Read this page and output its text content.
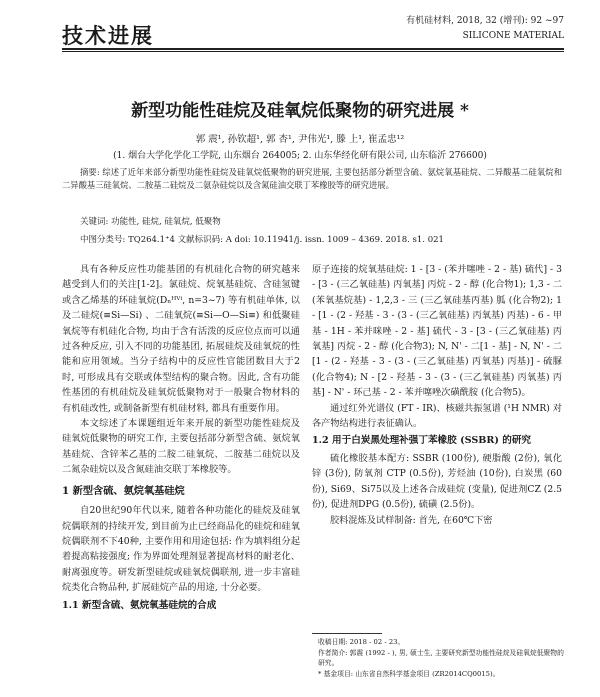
技术进展
有机硅材料, 2018, 32 (增刊): 92 ~97
SILICONE MATERIAL
新型功能性硅烷及硅氧烷低聚物的研究进展 *
郭 震¹, 孙钦超¹, 郭 杏¹, 尹伟光¹, 滕 上¹, 崔孟忠¹²
(1. 烟台大学化学化工学院, 山东烟台 264005; 2. 山东华经化研有限公司, 山东临沂 276600)
摘要: 综述了近年来部分新型功能性硅烷及硅氧烷低聚物的研究进展, 主要包括部分新型含硫、氨烷氧基硅烷、二异酸基二硅氧烷和二异酸基三硅氧烷、二胺基二硅烷及二氨杂硅烷以及含氮硅油交联丁苯橡胶等的研究进展。
关键词: 功能性, 硅烷, 硅氧烷, 低聚物
中图分类号: TQ264.1⁺4 文献标识码: A doi: 10.11941/j. issn. 1009 – 4369. 2018. s1. 021

具有各种反应性功能基团的有机硅化合物的研究越来越受到人们的关注[1-2]。氯硅烷、烷氧基硅烷、含硅氢键或含乙烯基的环硅氧烷(Dₙᴴⱽⁱ, n=3~7) 等有机硅单体, 以及二硅烷(≡Si—Si) 、二硅氧烷(≡Si—O—Si≡) 和低聚硅氧烷等有机硅化合物, 均由于含有活泼的反应位点而可以通过各种反应, 引入不同的功能基团, 拓展硅烷及硅氧烷的性能和应用领域。当分子结构中的反应性官能团数目大于2时, 可形成具有交联或体型结构的聚合物。因此, 含有功能性基团的有机硅烷及硅氧烷低聚物对于一般聚合物材料的有机硅改性, 或制备新型有机硅材料, 都具有重要作用。

本文综述了本课题组近年来开展的新型功能性硅烷及硅氧烷低聚物的研究工作, 主要包括部分新型含硫、氨烷氧基硅烷、含锌苯乙基的二胺二硅氧烷、二胺基二硅烷以及二氮杂硅烷以及含氮硅油交联丁苯橡胶等。

1 新型含硫、氨烷氧基硅烷

自20世纪90年代以来, 随着各种功能化的硅烷及硅氧烷偶联剂的持续开发, 到目前为止已经商品化的硅烷和硅氧烷偶联剂不下40种, 主要作用和用途包括: 作为填料组分起着提高粘接强度; 作为界面处理剂显著提高材料的耐老化、耐离强度等。研发新型硅烷或硅氧烷偶联剂, 进一步丰富硅烷类化合物品种, 扩展硅烷产品的用途, 十分必要。

1.1 新型含硫、氨烷氧基硅烷的合成

原子连接的烷氧基硅烷: 1 - [3 - (苯并噻唑 - 2 - 基) 硫代] - 3 - [3 - (三乙氧硅基) 丙氧基] 丙烷 - 2 - 醇 (化合物1); 1,3 - 二 (苯氧基烷基) - 1,2,3 - 三 (三乙氧硅基丙基) 胍 (化合物2); 1 - [1 - (2 - 羟基 - 3 - (3 - (三乙氧硅基) 丙氧基) 丙基) - 6 - 甲基 - 1H - 苯并咪唑 - 2 - 基] 硫代 - 3 - [3 - (三乙氧硅基) 丙氧基] 丙烷 - 2 - 醇 (化合物3); N, N' - 二[1 - 基] - N, N' - 二[1 - (2 - 羟基 - 3 - (3 - (三乙氧硅基) 丙氧基) 丙基)] - 硫脲 (化合物4); N - [2 - 羟基 - 3 - (3 - (三乙氧硅基) 丙氧基) 丙基] - N' - 环己基 - 2 - 苯并噻唑次磺酰胺 (化合物5)。

通过红外光谱仪 (FT - IR)、核磁共振氢谱 (¹H NMR) 对各产物结构进行表征确认。

1.2 用于白炭黑处理补强丁苯橡胶 (SSBR) 的研究

硫化橡胶基本配方: SSBR (100份), 硬脂酸 (2份), 氧化锌 (3份), 防氧剂 CTP (0.5份), 芳烃油 (10份), 白炭黑 (60份), Si69、Si75以及上述各合成硅烷 (变量), 促进剂CZ (2.5份), 促进剂DPG (0.5份), 硫磺 (2.5份)。

胶料混炼及试样制备: 首先, 在60℃下密

收稿日期: 2018 - 02 - 23。
作者简介: 郭震 (1992 - ), 男, 硕士生, 主要研究新型功能性硅烷及硅氧烷低聚物的研究。
* 基金项目: 山东省自然科学基金项目 (ZR2014CQ0015)。
